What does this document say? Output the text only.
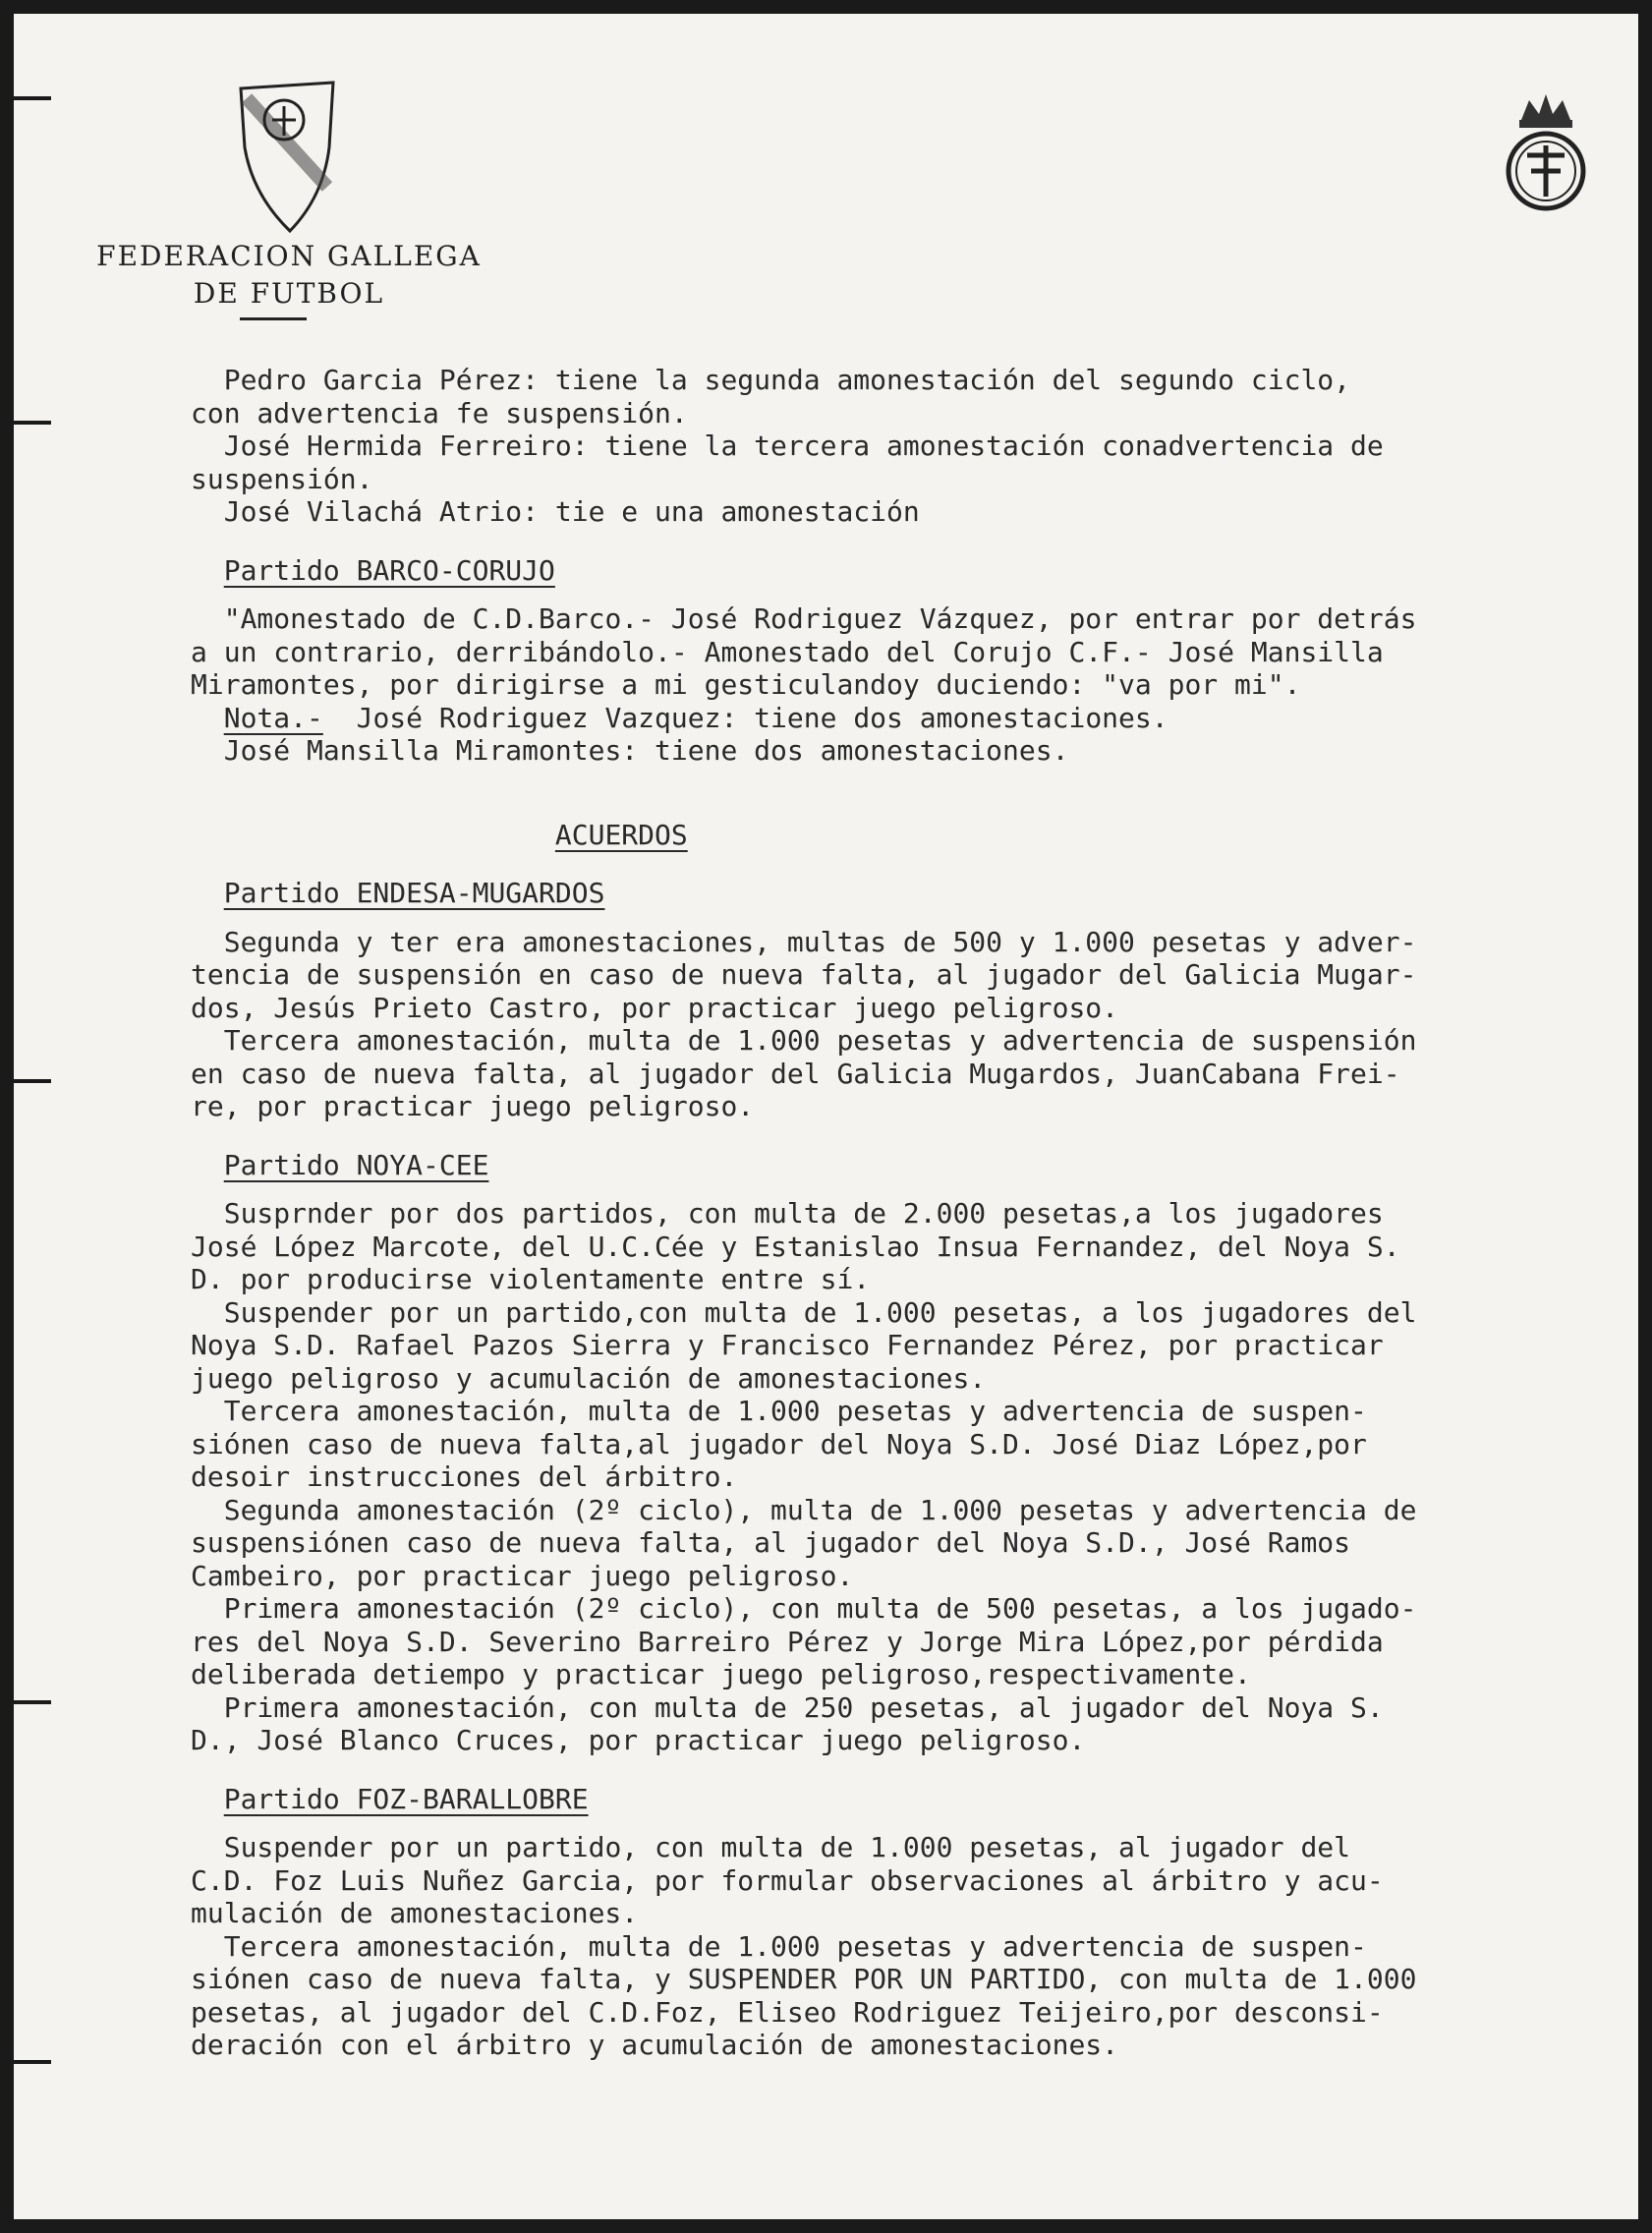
FEDERACION GALLEGA
DE FUTBOL

Pedro Garcia Pérez: tiene la segunda amonestación del segundo ciclo,

con advertencia fe suspensión.

José Hermida Ferreiro: tiene la tercera amonestación conadvertencia de

suspensión.

José Vilachá Atrio: tie e una amonestación

Partido BARCO-CORUJO

"Amonestado de C.D.Barco.- José Rodriguez Vázquez, por entrar por detrás

a un contrario, derribándolo.- Amonestado del Corujo C.F.- José Mansilla

Miramontes, por dirigirse a mi gesticulandoy duciendo: "va por mi".

Nota.- José Rodriguez Vazquez: tiene dos amonestaciones.

José Mansilla Miramontes: tiene dos amonestaciones.

ACUERDOS

Partido ENDESA-MUGARDOS

Segunda y ter era amonestaciones, multas de 500 y 1.000 pesetas y adver-

tencia de suspensión en caso de nueva falta, al jugador del Galicia Mugar-

dos, Jesús Prieto Castro, por practicar juego peligroso.

Tercera amonestación, multa de 1.000 pesetas y advertencia de suspensión

en caso de nueva falta, al jugador del Galicia Mugardos, JuanCabana Frei-

re, por practicar juego peligroso.

Partido NOYA-CEE

Susprnder por dos partidos, con multa de 2.000 pesetas,a los jugadores

José López Marcote, del U.C.Cée y Estanislao Insua Fernandez, del Noya S.

D. por producirse violentamente entre sí.

Suspender por un partido,con multa de 1.000 pesetas, a los jugadores del

Noya S.D. Rafael Pazos Sierra y Francisco Fernandez Pérez, por practicar

juego peligroso y acumulación de amonestaciones.

Tercera amonestación, multa de 1.000 pesetas y advertencia de suspen-

siónen caso de nueva falta,al jugador del Noya S.D. José Diaz López,por

desoir instrucciones del árbitro.

Segunda amonestación (2º ciclo), multa de 1.000 pesetas y advertencia de

suspensiónen caso de nueva falta, al jugador del Noya S.D., José Ramos

Cambeiro, por practicar juego peligroso.

Primera amonestación (2º ciclo), con multa de 500 pesetas, a los jugado-

res del Noya S.D. Severino Barreiro Pérez y Jorge Mira López,por pérdida

deliberada detiempo y practicar juego peligroso,respectivamente.

Primera amonestación, con multa de 250 pesetas, al jugador del Noya S.

D., José Blanco Cruces, por practicar juego peligroso.

Partido FOZ-BARALLOBRE

Suspender por un partido, con multa de 1.000 pesetas, al jugador del

C.D. Foz Luis Nuñez Garcia, por formular observaciones al árbitro y acu-

mulación de amonestaciones.

Tercera amonestación, multa de 1.000 pesetas y advertencia de suspen-

siónen caso de nueva falta, y SUSPENDER POR UN PARTIDO, con multa de 1.000

pesetas, al jugador del C.D.Foz, Eliseo Rodriguez Teijeiro,por desconsi-

deración con el árbitro y acumulación de amonestaciones.
